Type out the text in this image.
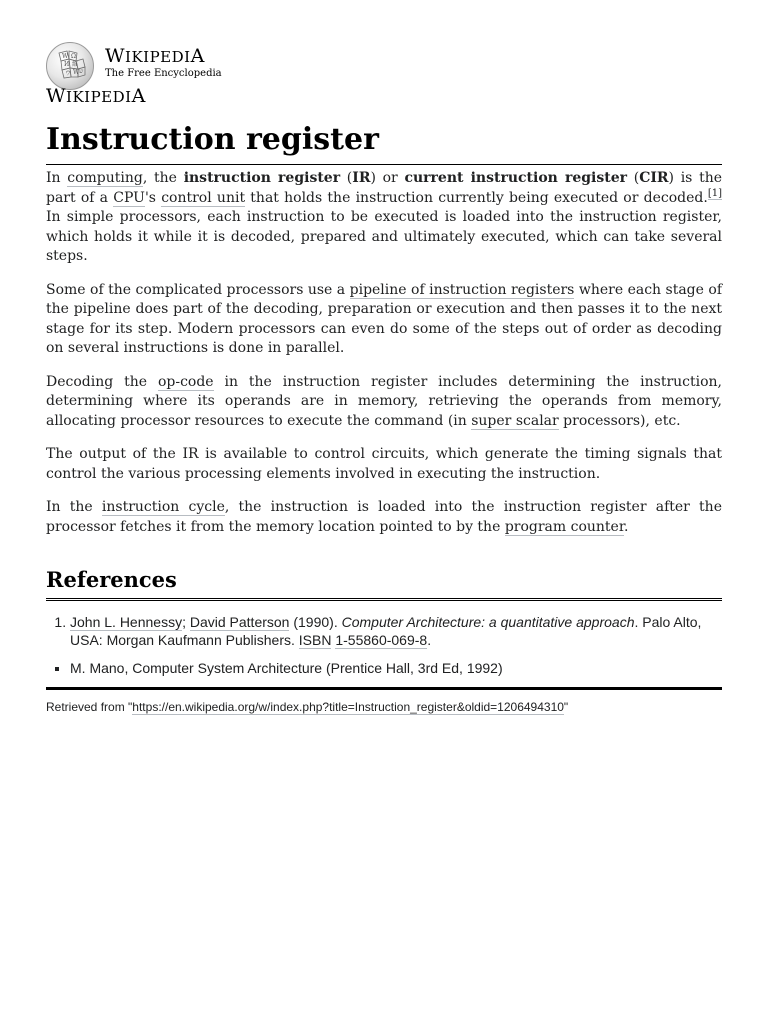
W Ω
И 維
ウ W ש
WIKIPEDIA
The Free Encyclopedia
WIKIPEDIA
Instruction register

In computing, the instruction register (IR) or current instruction register (CIR) is the part of a CPU's control unit that holds the instruction currently being executed or decoded.[1] In simple processors, each instruction to be executed is loaded into the instruction register, which holds it while it is decoded, prepared and ultimately executed, which can take several steps.

Some of the complicated processors use a pipeline of instruction registers where each stage of the pipeline does part of the decoding, preparation or execution and then passes it to the next stage for its step. Modern processors can even do some of the steps out of order as decoding on several instructions is done in parallel.

Decoding the op-code in the instruction register includes determining the instruction, determining where its operands are in memory, retrieving the operands from memory, allocating processor resources to execute the command (in super scalar processors), etc.

The output of the IR is available to control circuits, which generate the timing signals that control the various processing elements involved in executing the instruction.

In the instruction cycle, the instruction is loaded into the instruction register after the processor fetches it from the memory location pointed to by the program counter.

References
1. John L. Hennessy; David Patterson (1990). Computer Architecture: a quantitative approach. Palo Alto, USA: Morgan Kaufmann Publishers. ISBN 1-55860-069-8.
▪ M. Mano, Computer System Architecture (Prentice Hall, 3rd Ed, 1992)
Retrieved from "https://en.wikipedia.org/w/index.php?title=Instruction_register&oldid=1206494310"
